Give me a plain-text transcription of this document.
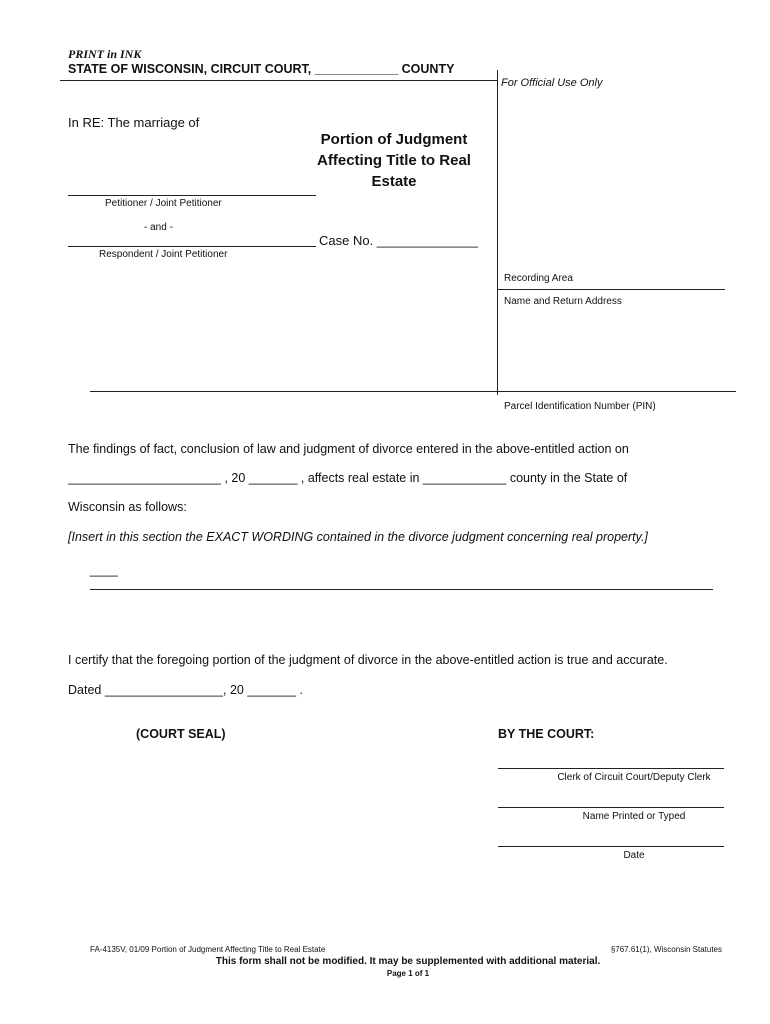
PRINT in INK
STATE OF WISCONSIN, CIRCUIT COURT, ____________ COUNTY
For Official Use Only
In RE: The marriage of
Portion of Judgment Affecting Title to Real Estate
Petitioner / Joint Petitioner
- and -
Case No. ______________
Respondent / Joint Petitioner
Recording Area
Name and Return Address
Parcel Identification Number (PIN)
The findings of fact, conclusion of law and judgment of divorce entered in the above-entitled action on
______________________ , 20 _______ , affects real estate in ____________ county in the State of
Wisconsin as follows:
[Insert in this section the EXACT WORDING contained in the divorce judgment concerning real property.]
____
I certify that the foregoing portion of the judgment of divorce in the above-entitled action is true and accurate.
Dated _________________, 20 _______ .
(COURT SEAL)	BY THE COURT:
Clerk of Circuit Court/Deputy Clerk
Name Printed or Typed
Date
FA-4135V, 01/09 Portion of Judgment Affecting Title to Real Estate	§767.61(1), Wisconsin Statutes
This form shall not be modified. It may be supplemented with additional material.
Page 1 of 1
